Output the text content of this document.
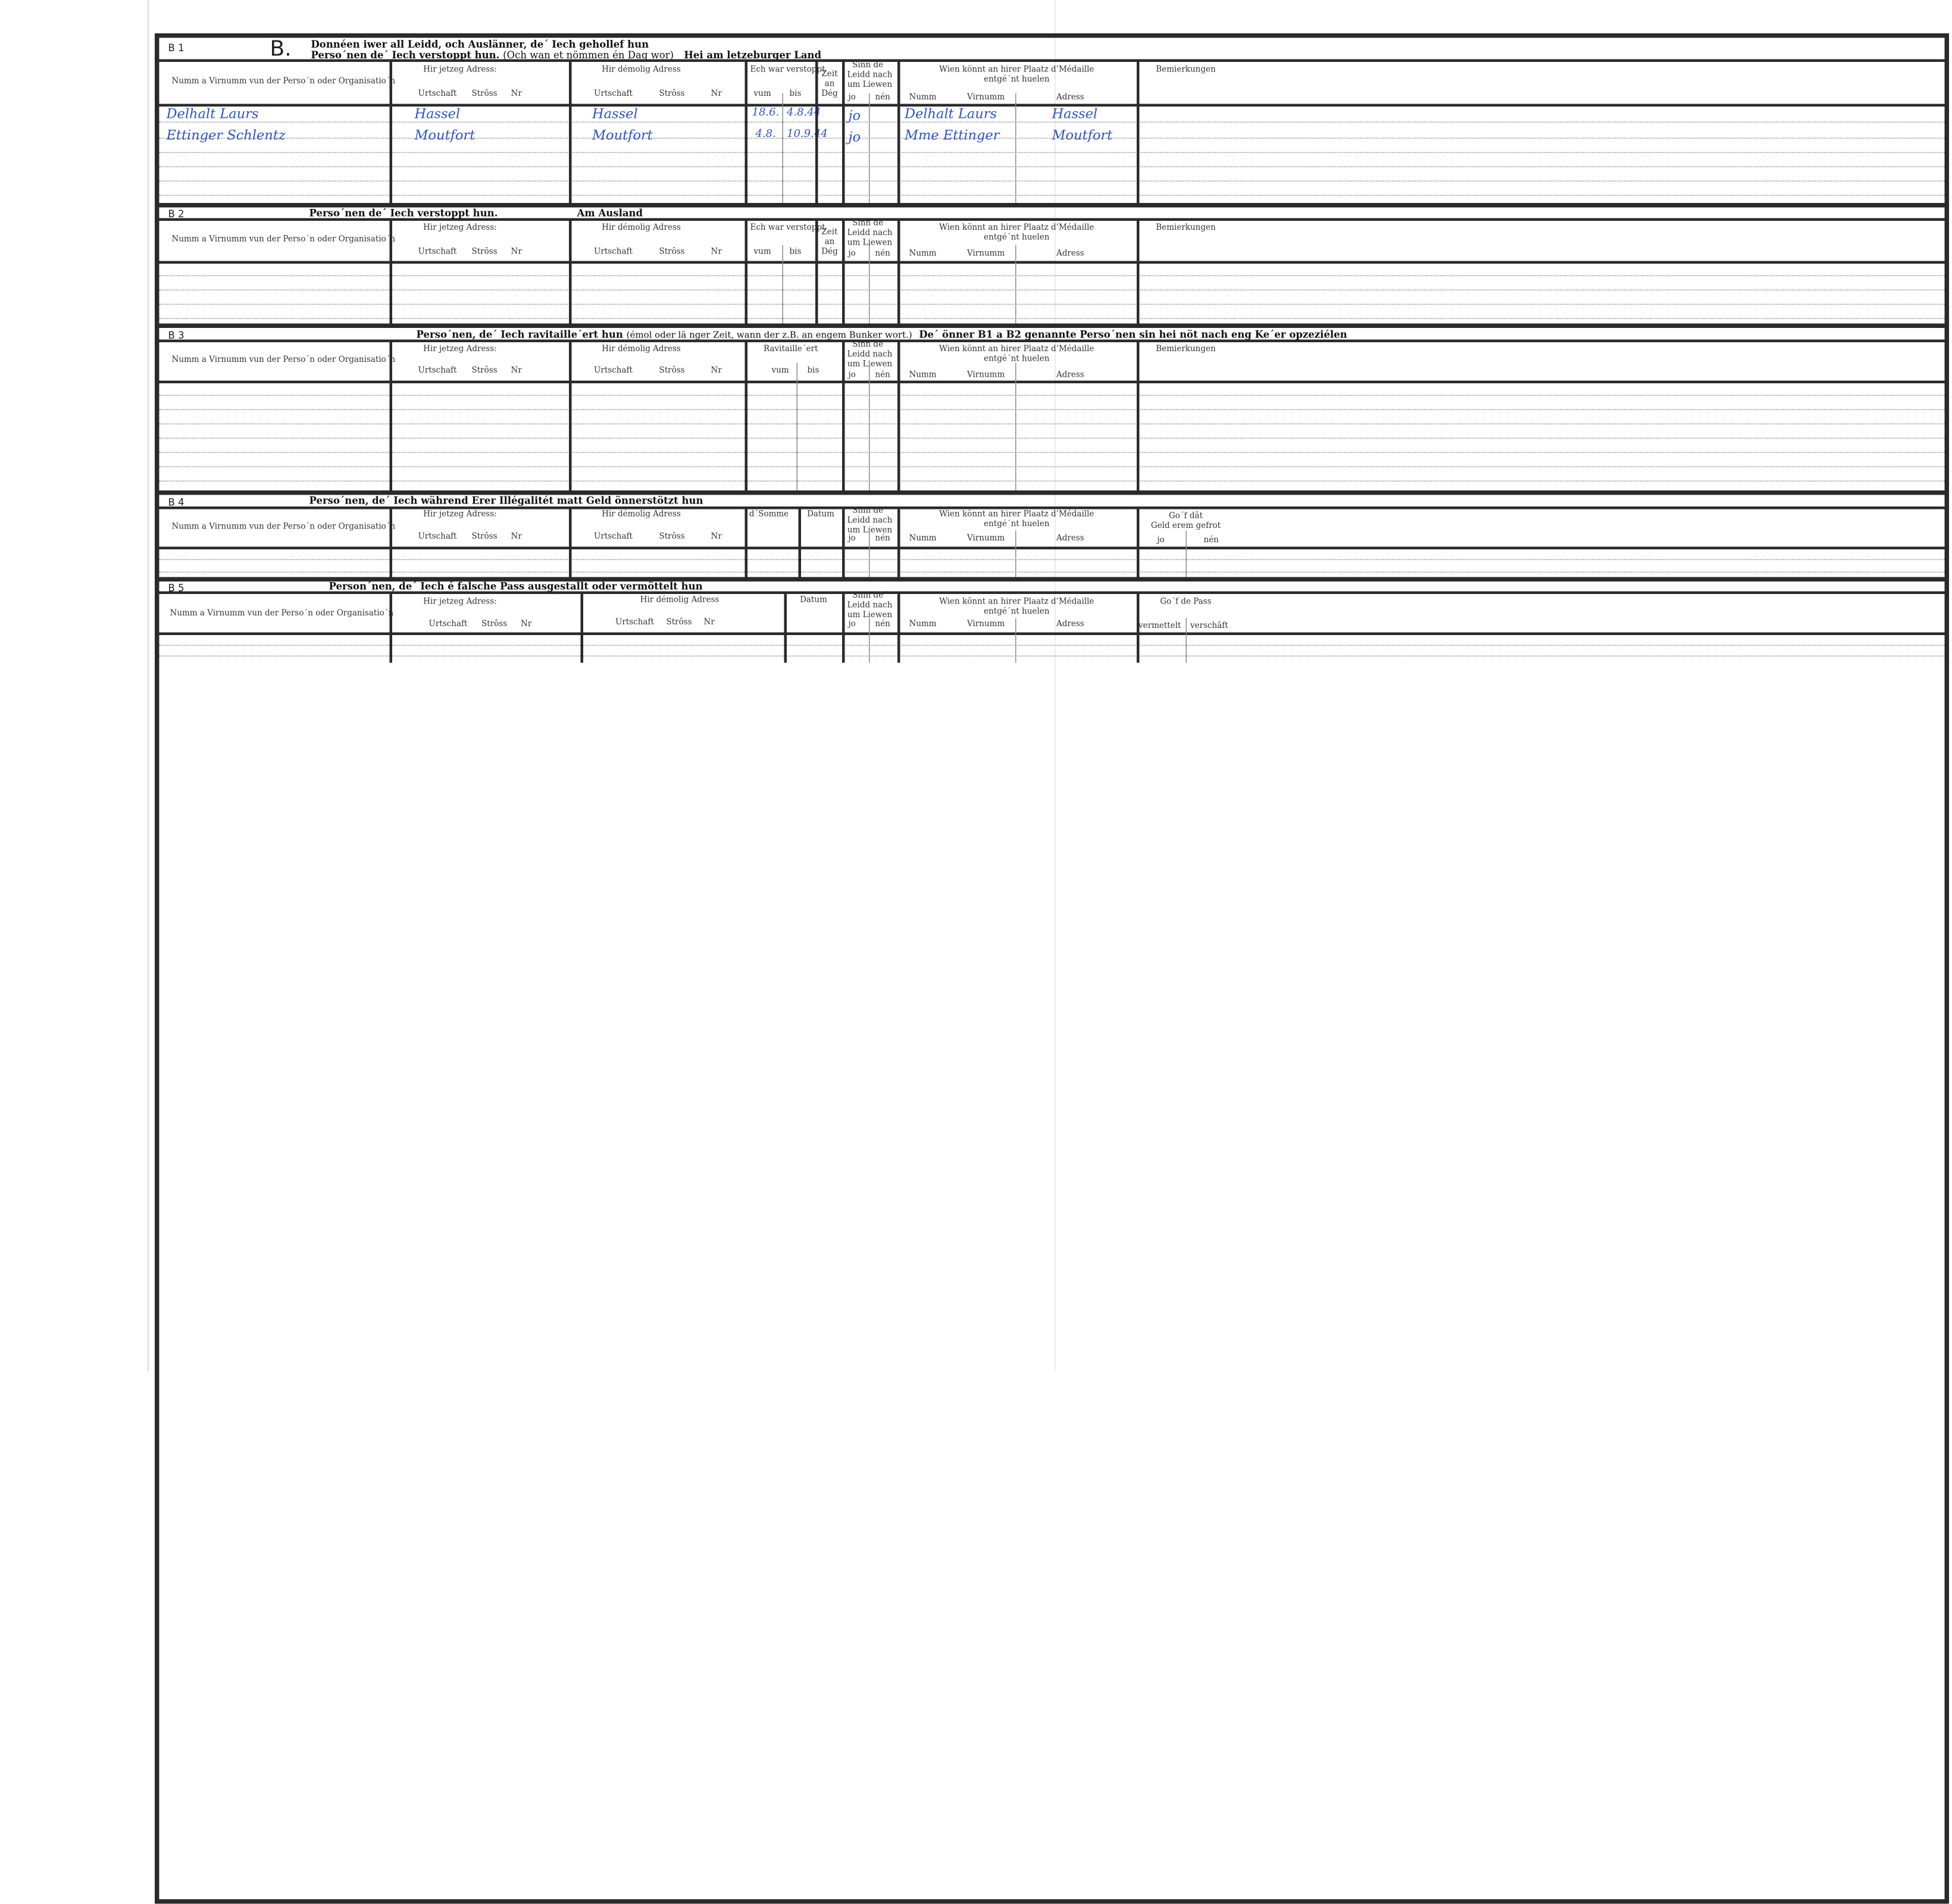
B 1	B.	Donnéen iwer all Leidd, och Auslänner, de´ Iech gehollef hun
Perso´nen de´ Iech verstoppt hun. (Och wan et nömmen én Dag wor) Hei am letzeburger Land
Numm a Virnumm vun der Perso´n oder Organisatio´n
Hir jetzeg Adress:
Urtschaft	Strôss	Nr
Hir démolig Adress
Urtschaft	Strôss	Nr
Ech war verstoppt
vum	bis
Zeit
an
Dég
Sinn de´
Leidd nach
um Liewen
jo	nén
Wien könnt an hirer Plaatz d’Médaille
entgé´nt huelen
Numm	Virnumm	Adress
Bemierkungen
Delhalt Laurs	Hassel	Hassel	18.6. 4.8.44	jo	Delhalt Laurs	Hassel
Ettinger Schlentz	Moutfort	Moutfort	4.8. 10.9.44 jo	Mme Ettinger	Moutfort
B 2	Perso´nen de´ Iech verstoppt hun.	Am Ausland
Numm a Virnumm vun der Perso´n oder Organisatio´n
Hir jetzeg Adress:
Urtschaft	Strôss	Nr
Hir démolig Adress
Urtschaft	Strôss	Nr
Ech war verstoppt
vum	bis
Zeit
an
Dég
Sinn de´
Leidd nach
um Liewen
jo	nén
Wien könnt an hirer Plaatz d’Médaille
entgé´nt huelen
Numm	Virnumm	Adress
Bemierkungen
B 3	Perso´nen, de´ Iech ravitaille´ert hun (émol oder lä nger Zeit, wann der z.B. an engem Bunker wort.) De´ önner B1 a B2 genannte Perso´nen sin hei nöt nach eng Ke´er opzeziélen
Numm a Virnumm vun der Perso´n oder Organisatio´n
Hir jetzeg Adress:
Urtschaft	Strôss	Nr
Hir démolig Adress
Urtschaft	Strôss	Nr
Ravitaille´ert
vum	bis
Sinn de´
Leidd nach
um Liewen
jo	nén
Wien könnt an hirer Plaatz d’Médaille
entgé´nt huelen
Numm	Virnumm	Adress
Bemierkungen
B 4	Perso´nen, de´ Iech während Erer Illégalitét matt Geld önnerstötzt hun
Numm a Virnumm vun der Perso´n oder Organisatio´n
Hir jetzeg Adress:
Urtschaft	Strôss	Nr
Hir démolig Adress
Urtschaft	Strôss	Nr
d´Somme	Datum	Sinn de´
Leidd nach
um Liewen
jo	nén
Wien könnt an hirer Plaatz d’Médaille
entgé´nt huelen
Numm	Virnumm	Adress
Go´f dât
Geld erem gefrot
jo	nén
B 5	Person´nen, de´ Iech é falsche Pass ausgestallt oder vermöttelt hun
Numm a Virnumm vun der Perso´n oder Organisatio´n
Hir jetzeg Adress:
Urtschaft	Strôss	Nr
Hir démolig Adress
Urtschaft Strôss Nr
Datum	Sinn de´
Leidd nach
um Liewen
jo	nén
Wien könnt an hirer Plaatz d’Médaille
entgé´nt huelen
Numm	Virnumm	Adress
Go´f de Pass
vermettelt verschâft
